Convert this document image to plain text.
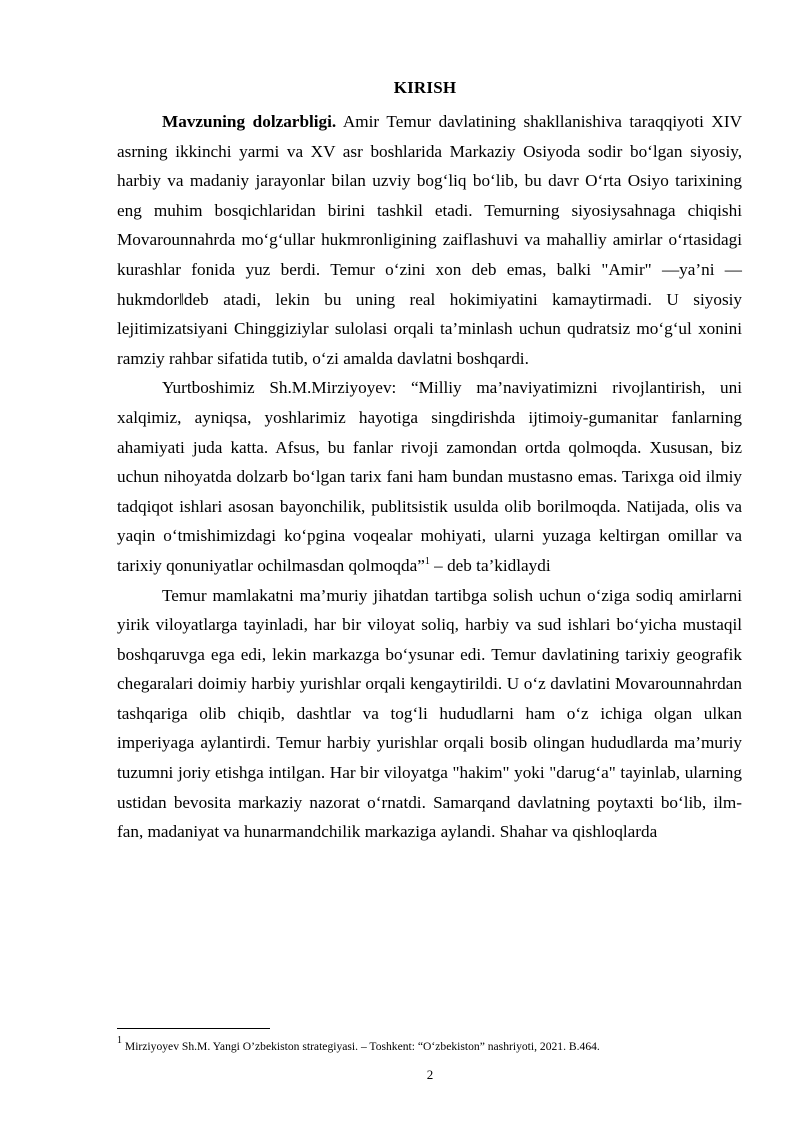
KIRISH

Mavzuning dolzarbligi. Amir Temur davlatining shakllanishiva taraqqiyoti XIV asrning ikkinchi yarmi va XV asr boshlarida Markaziy Osiyoda sodir boʻlgan siyosiy, harbiy va madaniy jarayonlar bilan uzviy bogʻliq boʻlib, bu davr Oʻrta Osiyo tarixining eng muhim bosqichlaridan birini tashkil etadi. Temurning siyosiysahnaga chiqishi Movarounnahrda moʻgʻullar hukmronligining zaiflashuvi va mahalliy amirlar oʻrtasidagi kurashlar fonida yuz berdi. Temur oʻzini xon deb emas, balki "Amir" —ya’ni —hukmdor‖deb atadi, lekin bu uning real hokimiyatini kamaytirmadi. U siyosiy lejitimizatsiyani Chinggiziylar sulolasi orqali ta’minlash uchun qudratsiz moʻgʻul xonini ramziy rahbar sifatida tutib, oʻzi amalda davlatni boshqardi.

Yurtboshimiz Sh.M.Mirziyoyev: “Milliy ma’naviyatimizni rivojlantirish, uni xalqimiz, ayniqsa, yoshlarimiz hayotiga singdirishda ijtimoiy-gumanitar fanlarning ahamiyati juda katta. Afsus, bu fanlar rivoji zamondan ortda qolmoqda. Xususan, biz uchun nihoyatda dolzarb boʻlgan tarix fani ham bundan mustasno emas. Tarixga oid ilmiy tadqiqot ishlari asosan bayonchilik, publitsistik usulda olib borilmoqda. Natijada, olis va yaqin oʻtmishimizdagi koʻpgina voqealar mohiyati, ularni yuzaga keltirgan omillar va tarixiy qonuniyatlar ochilmasdan qolmoqda”$^1$ – deb ta’kidlaydi

Temur mamlakatni ma’muriy jihatdan tartibga solish uchun oʻziga sodiq amirlarni yirik viloyatlarga tayinladi, har bir viloyat soliq, harbiy va sud ishlari boʻyicha mustaqil boshqaruvga ega edi, lekin markazga boʻysunar edi. Temur davlatining tarixiy geografik chegaralari doimiy harbiy yurishlar orqali kengaytirildi. U oʻz davlatini Movarounnahrdan tashqariga olib chiqib, dashtlar va togʻli hududlarni ham oʻz ichiga olgan ulkan imperiyaga aylantirdi. Temur harbiy yurishlar orqali bosib olingan hududlarda ma’muriy tuzumni joriy etishga intilgan. Har bir viloyatga "hakim" yoki "darugʻa" tayinlab, ularning ustidan bevosita markaziy nazorat oʻrnatdi. Samarqand davlatning poytaxti boʻlib, ilm-fan, madaniyat va hunarmandchilik markaziga aylandi. Shahar va qishloqlarda

$^1$ Mirziyoyev Sh.M. Yangi O’zbekiston strategiyasi. – Toshkent: “Oʻzbekiston” nashriyoti, 2021. B.464.
2
